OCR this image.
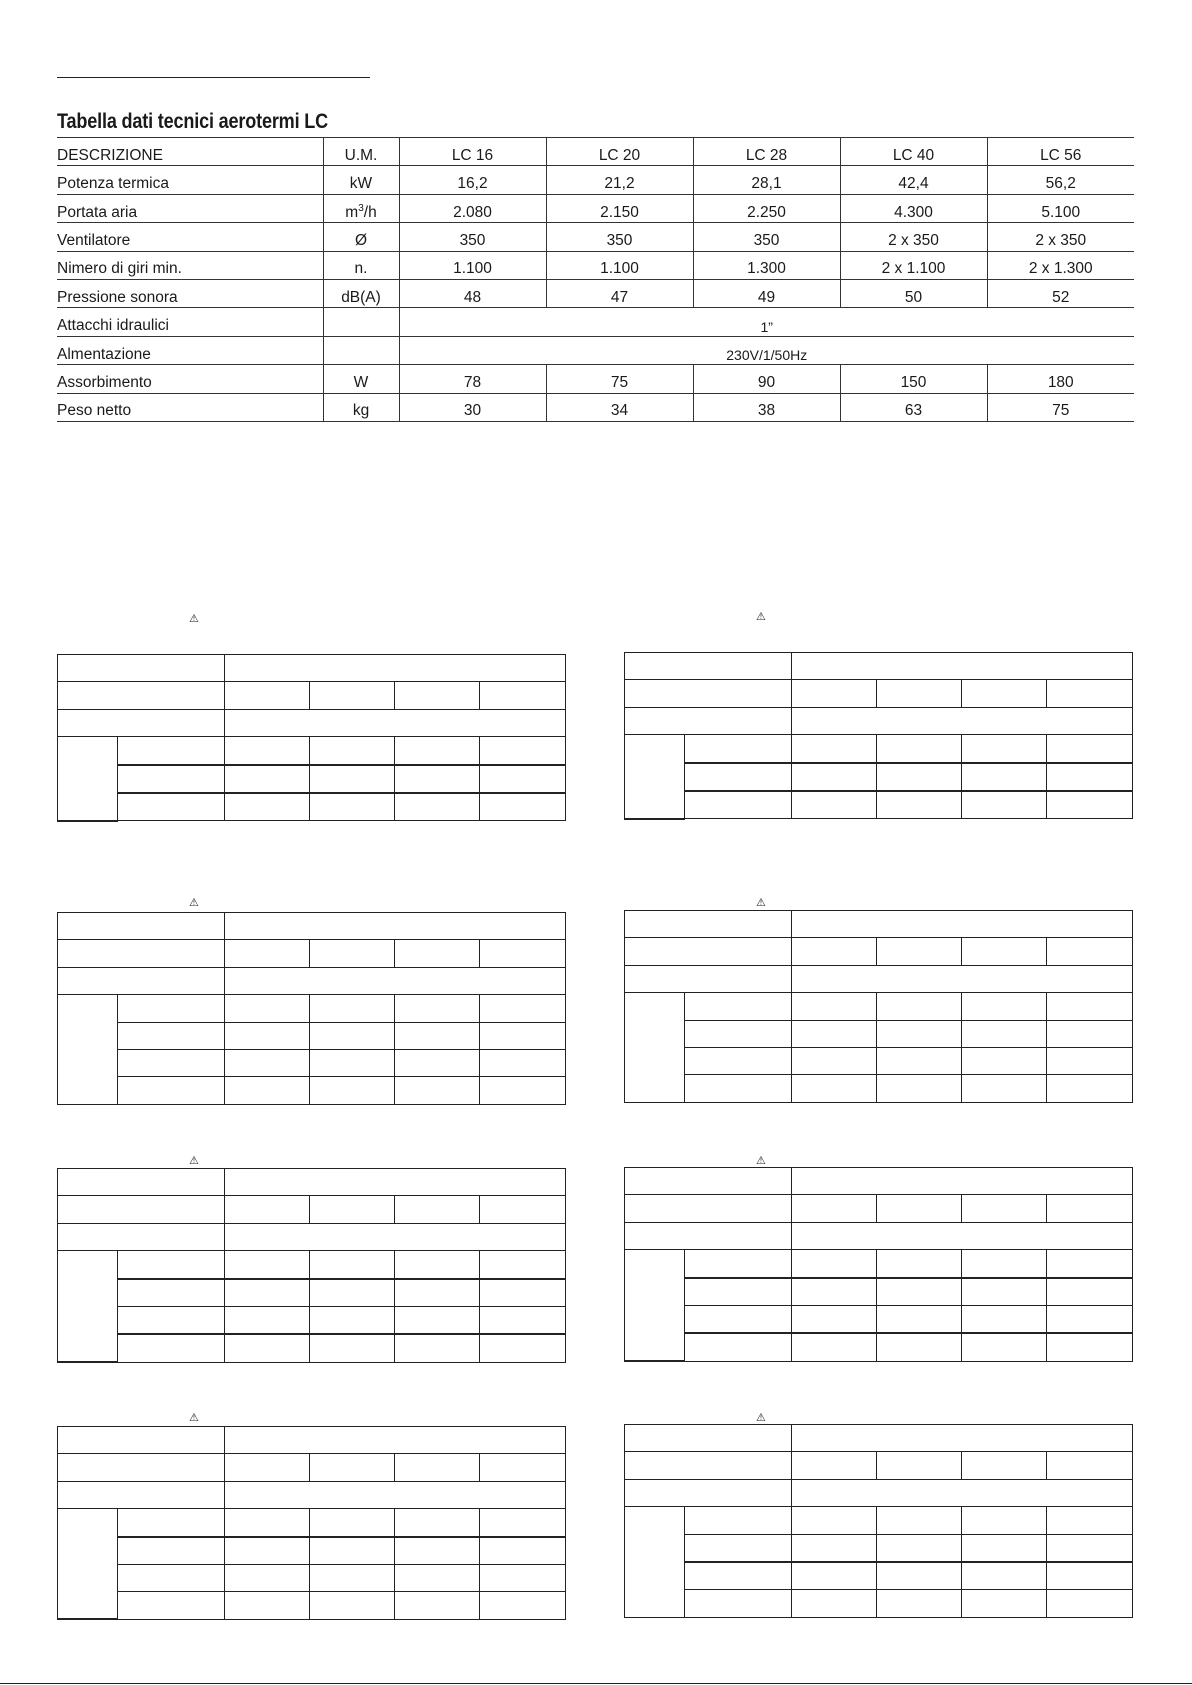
Tabella dati tecnici aerotermi LC
DESCRIZIONE	U.M.	LC 16	LC 20	LC 28	LC 40	LC 56
Potenza termica	kW	16,2	21,2	28,1	42,4	56,2
Portata aria	$m^3/h$	2.080	2.150	2.250	4.300	5.100
Ventilatore	Ø	350	350	350	2 x 350	2 x 350
Nimero di giri min.	n.	1.100	1.100	1.300	2 x 1.100	2 x 1.300
Pressione sonora	dB(A)	48	47	49	50	52
Attacchi idraulici		1”				
Almentazione		230V/1/50Hz				
Assorbimento	W	78	75	90	150	180
Peso netto	kg	30	34	38	63	75
⚠

					⚠

⚠

					⚠

⚠

					⚠

⚠

					⚠
